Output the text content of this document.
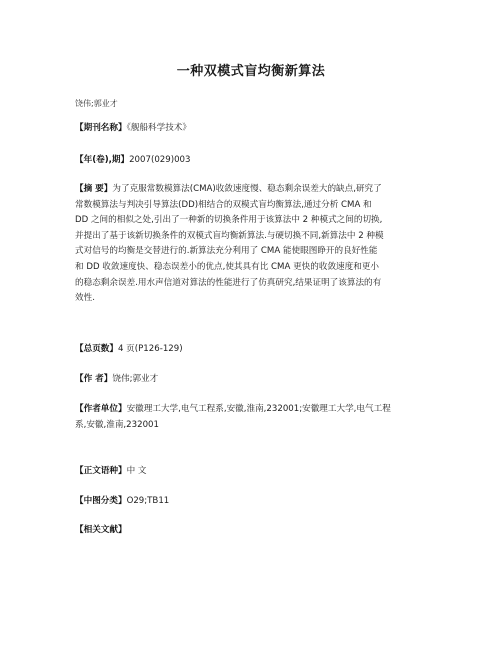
一种双模式盲均衡新算法
饶伟;郭业才
【期刊名称】《舰船科学技术》
【年(卷),期】2007(029)003
【摘 要】为了克服常数模算法(CMA)收敛速度慢、稳态剩余误差大的缺点,研究了
常数模算法与判决引导算法(DD)相结合的双模式盲均衡算法,通过分析 CMA 和
DD 之间的相似之处,引出了一种新的切换条件用于该算法中 2 种模式之间的切换,
并提出了基于该新切换条件的双模式盲均衡新算法.与硬切换不同,新算法中 2 种模
式对信号的均衡是交替进行的.新算法充分利用了 CMA 能使眼图睁开的良好性能
和 DD 收敛速度快、稳态误差小的优点,使其具有比 CMA 更快的收敛速度和更小
的稳态剩余误差.用水声信道对算法的性能进行了仿真研究,结果证明了该算法的有
效性.
【总页数】4 页(P126-129)
【作 者】饶伟;郭业才
【作者单位】安徽理工大学,电气工程系,安徽,淮南,232001;安徽理工大学,电气工程
系,安徽,淮南,232001
【正文语种】中 文
【中图分类】O29;TB11
【相关文献】
